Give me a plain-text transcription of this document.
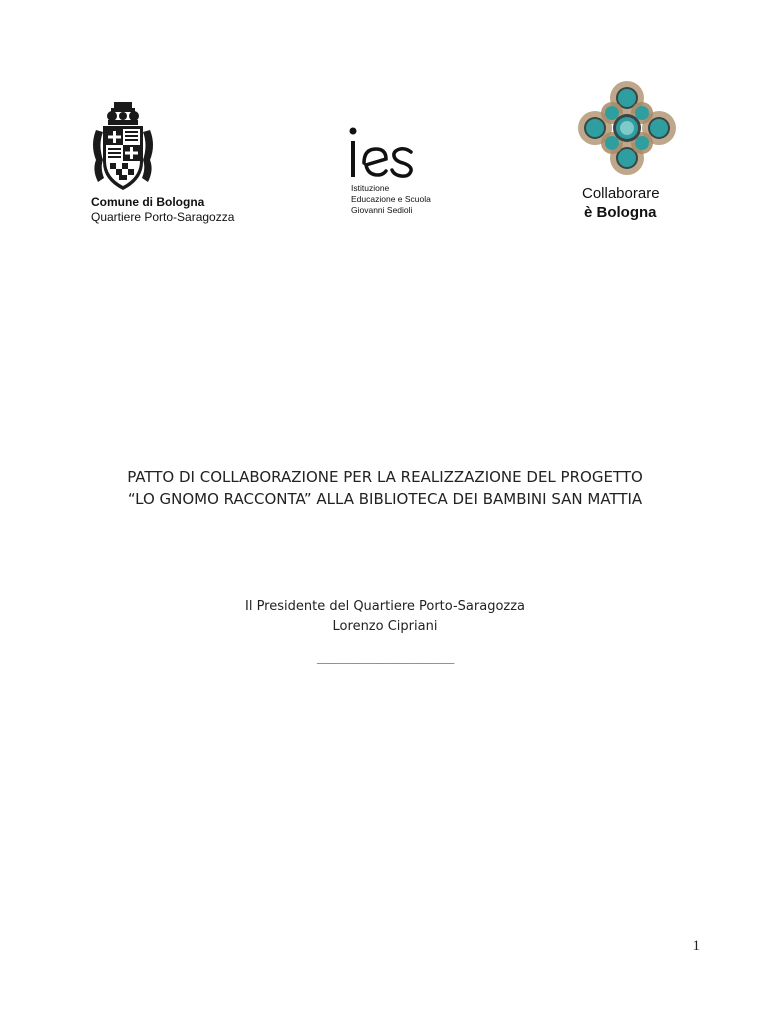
Comune di Bologna
Quartiere Porto-Saragozza
Istituzione
Educazione e Scuola
Giovanni Sedioli
Collaborare
è Bologna
PATTO DI COLLABORAZIONE PER LA REALIZZAZIONE DEL PROGETTO
“LO GNOMO RACCONTA” ALLA BIBLIOTECA DEI BAMBINI SAN MATTIA
Il Presidente del Quartiere Porto-Saragozza
Lorenzo Cipriani
_______________________
1
